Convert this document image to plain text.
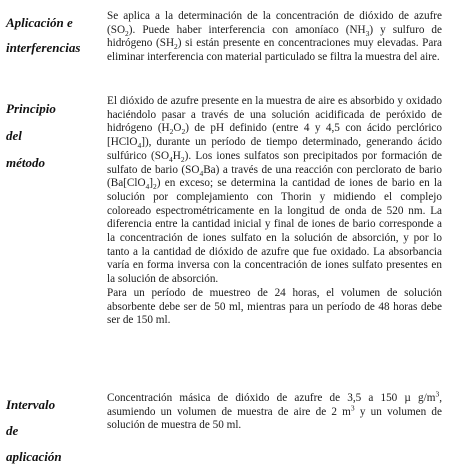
Aplicación e
interferencias

Se aplica a la determinación de la concentración de dióxido de azufre $(SO_2)$. Puede haber interferencia con amoníaco $(NH_3)$ y sulfuro de hidrógeno $(SH_2)$ si están presente en concentraciones muy elevadas. Para eliminar interferencia con material particulado se filtra la muestra del aire.

Principio
del
método

El dióxido de azufre presente en la muestra de aire es absorbido y oxidado haciéndolo pasar a través de una solución acidificada de peróxido de hidrógeno $(H_2O_2)$ de pH definido (entre 4 y 4,5 con ácido perclórico [HClO$_4$]), durante un período de tiempo determinado, generando ácido sulfúrico $(SO_4H_2)$. Los iones sulfatos son precipitados por formación de sulfato de bario $(SO_4Ba)$ a través de una reacción con perclorato de bario $(Ba[ClO_4]_2)$ en exceso; se determina la cantidad de iones de bario en la solución por complejamiento con Thorin y midiendo el complejo coloreado espectrométricamente en la longitud de onda de 520 nm. La diferencia entre la cantidad inicial y final de iones de bario corresponde a la concentración de iones sulfato en la solución de absorción, y por lo tanto a la cantidad de dióxido de azufre que fue oxidado. La absorbancia varía en forma inversa con la concentración de iones sulfato presentes en la solución de absorción.

Para un período de muestreo de 24 horas, el volumen de solución absorbente debe ser de 50 ml, mientras para un período de 48 horas debe ser de 150 ml.

Intervalo
de
aplicación

Concentración másica de dióxido de azufre de 3,5 a 150 µ $g/m^3$, asumiendo un volumen de muestra de aire de 2 $m^3$ y un volumen de solución de muestra de 50 ml.
